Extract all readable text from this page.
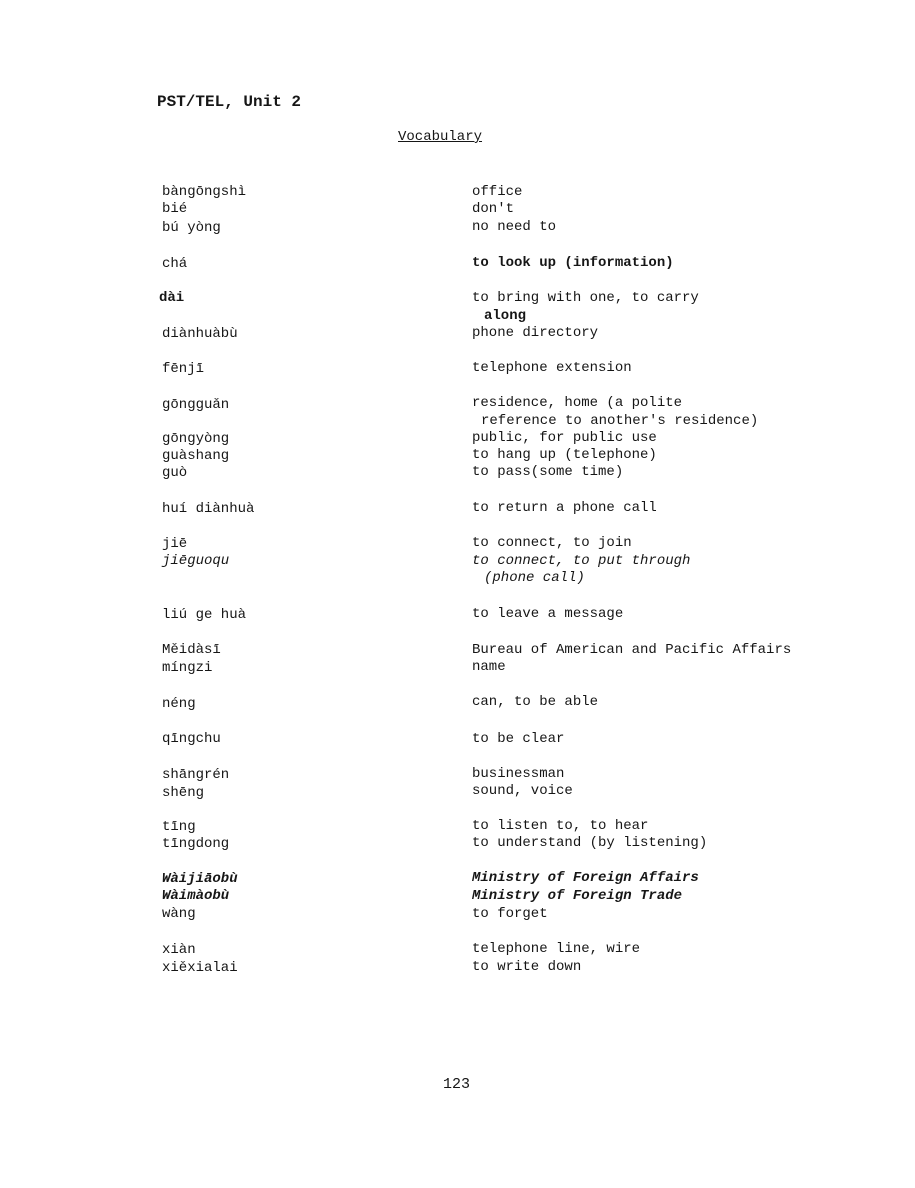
PST/TEL, Unit 2
Vocabulary
bàngōngshì	office
bié	don't
bú yòng	no need to
chá	to look up (information)
dài	to bring with one, to carry
along
diànhuàbù	phone directory
fēnjī	telephone extension
gōngguǎn	residence, home (a polite
reference to another's residence)
gōngyòng	public, for public use
guàshang	to hang up (telephone)
guò	to pass(some time)
huí diànhuà	to return a phone call
jiē	to connect, to join
jiēguoqu	to connect, to put through
(phone call)
liú ge huà	to leave a message
Měidàsī	Bureau of American and Pacific Affairs
míngzi	name
néng	can, to be able
qīngchu	to be clear
shāngrén	businessman
shēng	sound, voice
tīng	to listen to, to hear
tīngdong	to understand (by listening)
Wàijiāobù	Ministry of Foreign Affairs
Wàimàobù	Ministry of Foreign Trade
wàng	to forget
xiàn	telephone line, wire
xiěxialai	to write down
123
